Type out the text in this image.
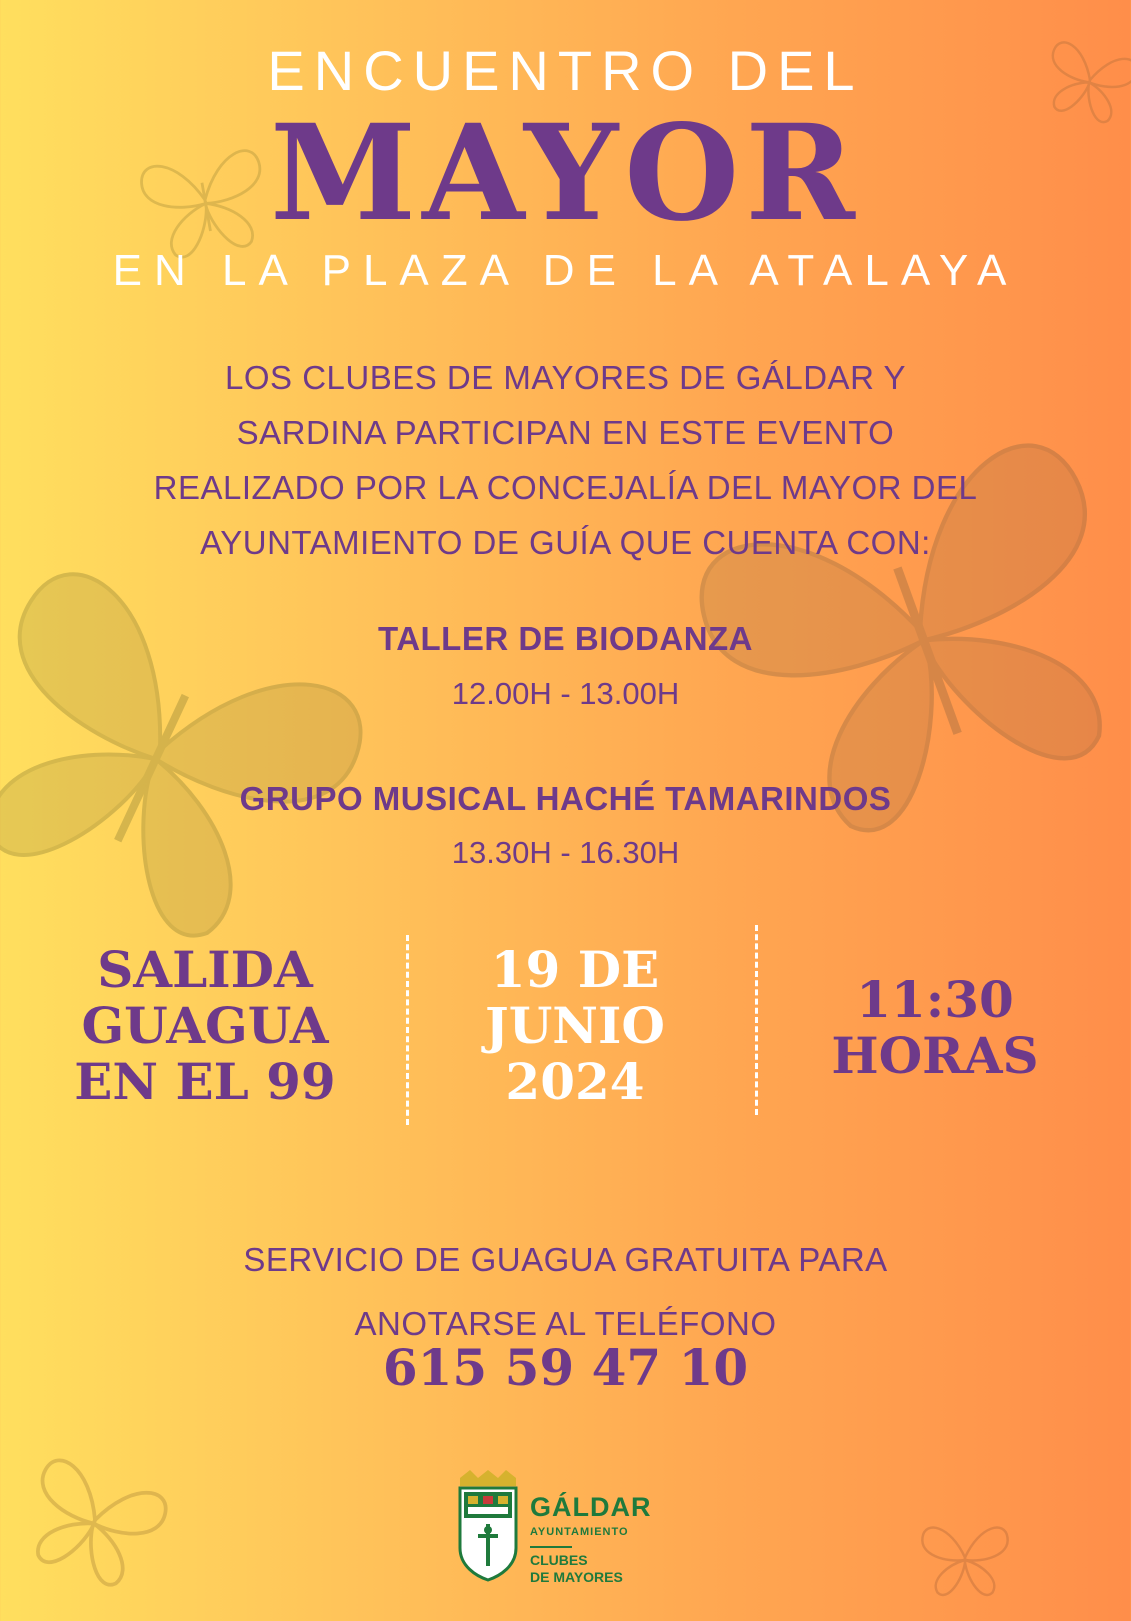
ENCUENTRO DEL
MAYOR
EN LA PLAZA DE LA ATALAYA
LOS CLUBES DE MAYORES DE GÁLDAR Y
SARDINA PARTICIPAN EN ESTE EVENTO
REALIZADO POR LA CONCEJALÍA DEL MAYOR DEL
AYUNTAMIENTO DE GUÍA QUE CUENTA CON:
TALLER DE BIODANZA
12.00H - 13.00H
GRUPO MUSICAL HACHÉ TAMARINDOS
13.30H - 16.30H
SALIDA
GUAGUA
EN EL 99
19 DE
JUNIO
2024
11:30
HORAS
SERVICIO DE GUAGUA GRATUITA PARA
ANOTARSE AL TELÉFONO
615 59 47 10
GÁLDAR
AYUNTAMIENTO
CLUBES
DE MAYORES
